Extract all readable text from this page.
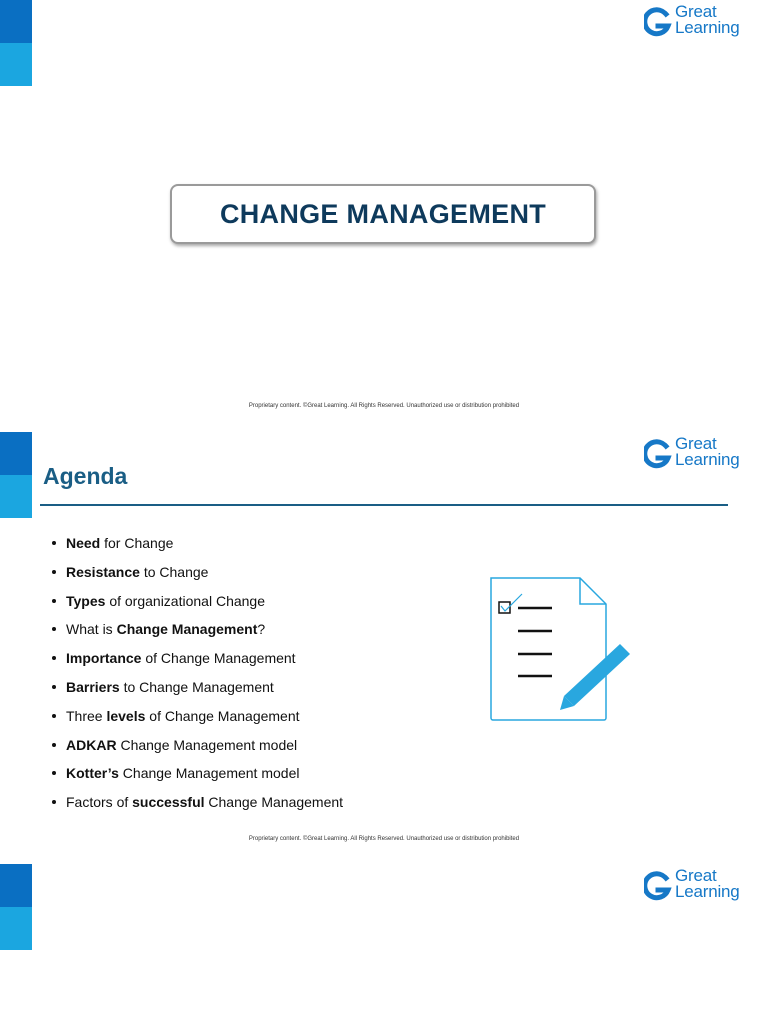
Great
Learning
CHANGE MANAGEMENT
Proprietary content. ©Great Learning. All Rights Reserved. Unauthorized use or distribution prohibited
Great
Learning
Agenda
Need for Change
Resistance to Change
Types of organizational Change
What is Change Management?
Importance of Change Management
Barriers to Change Management
Three levels of Change Management
ADKAR Change Management model
Kotter’s Change Management model
Factors of successful Change Management
Proprietary content. ©Great Learning. All Rights Reserved. Unauthorized use or distribution prohibited
Great
Learning
